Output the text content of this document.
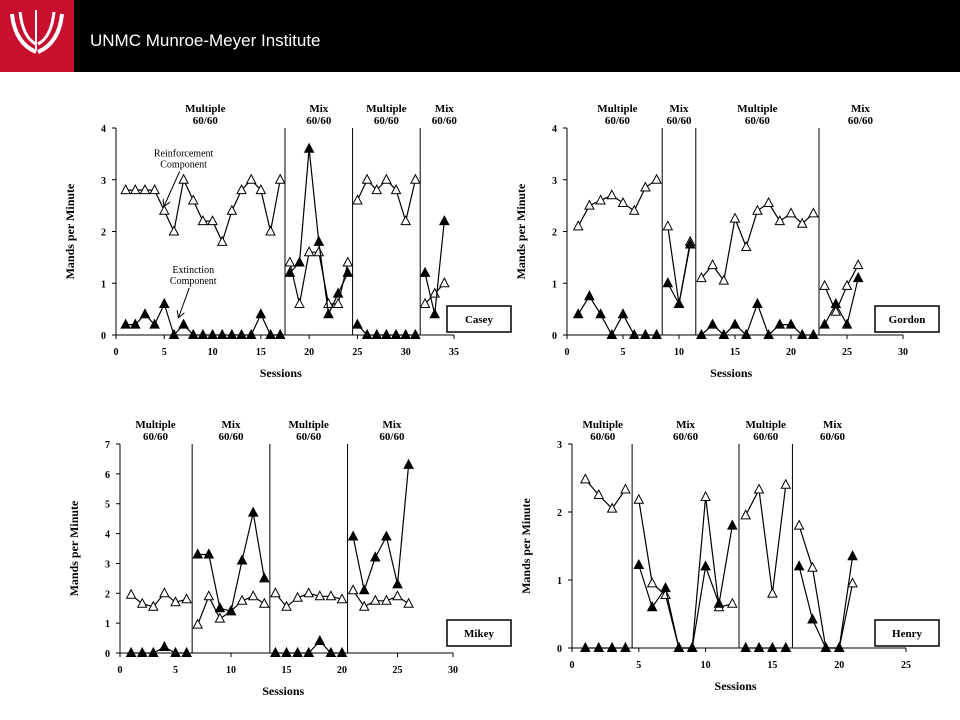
UNMC Munroe-Meyer Institute
0
1
2
3
4
0	5	10	15	20	25	30	35
Mands per Minute
Sessions
Multiple
60/60
Mix
60/60
Multiple
60/60
Mix
60/60
Reinforcement
Component
Extinction
Component
Casey
0
1
2
3
4
0	5	10	15	20	25	30
Mands per Minute
Sessions
Multiple
60/60
Mix
60/60
Multiple
60/60
Mix
60/60
Gordon
0
1
2
3
4
5
6
7
0	5	10	15	20	25	30
Mands per Minute
Sessions
Multiple
60/60
Mix
60/60
Multiple
60/60
Mix
60/60
Mikey
0
1
2
3
0	5	10	15	20	25
Mands per Minute
Sessions
Multiple
60/60
Mix
60/60
Multiple
60/60
Mix
60/60
Henry
